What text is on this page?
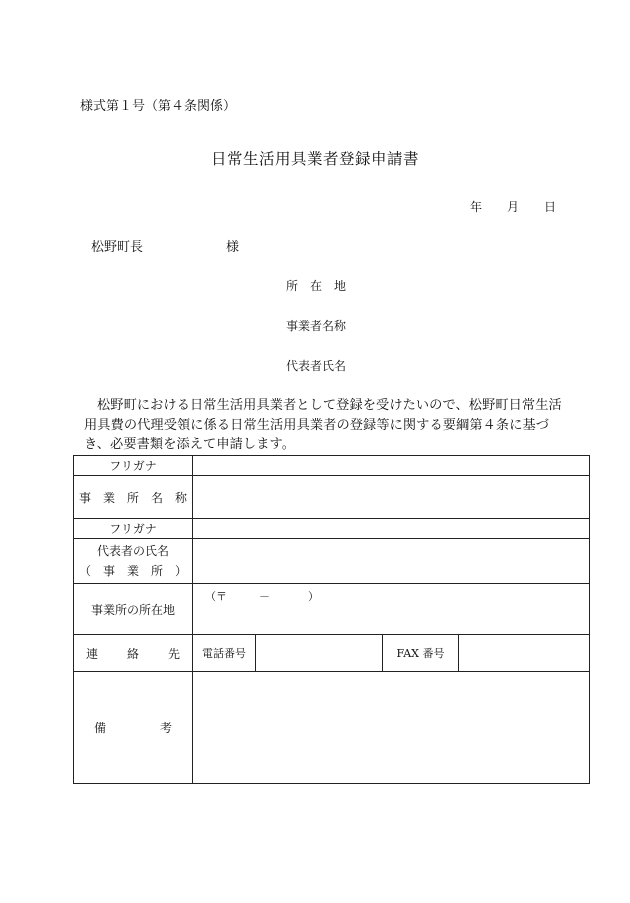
様式第１号（第４条関係）
日常生活用具業者登録申請書
年 月 日
松野町長	様
所　在　地
事業者名称
代表者氏名
松野町における日常生活用具業者として登録を受けたいので、松野町日常生活用具費の代理受領に係る日常生活用具業者の登録等に関する要綱第４条に基づき、必要書類を添えて申請します。
フリガナ				
事　業　所　名　称				
フリガナ				

代表者の氏名
（　事　業　所　）				

事業所の所在地	（〒 － ）			

連 絡 先	電話番号		FAX 番号	

備 考				
